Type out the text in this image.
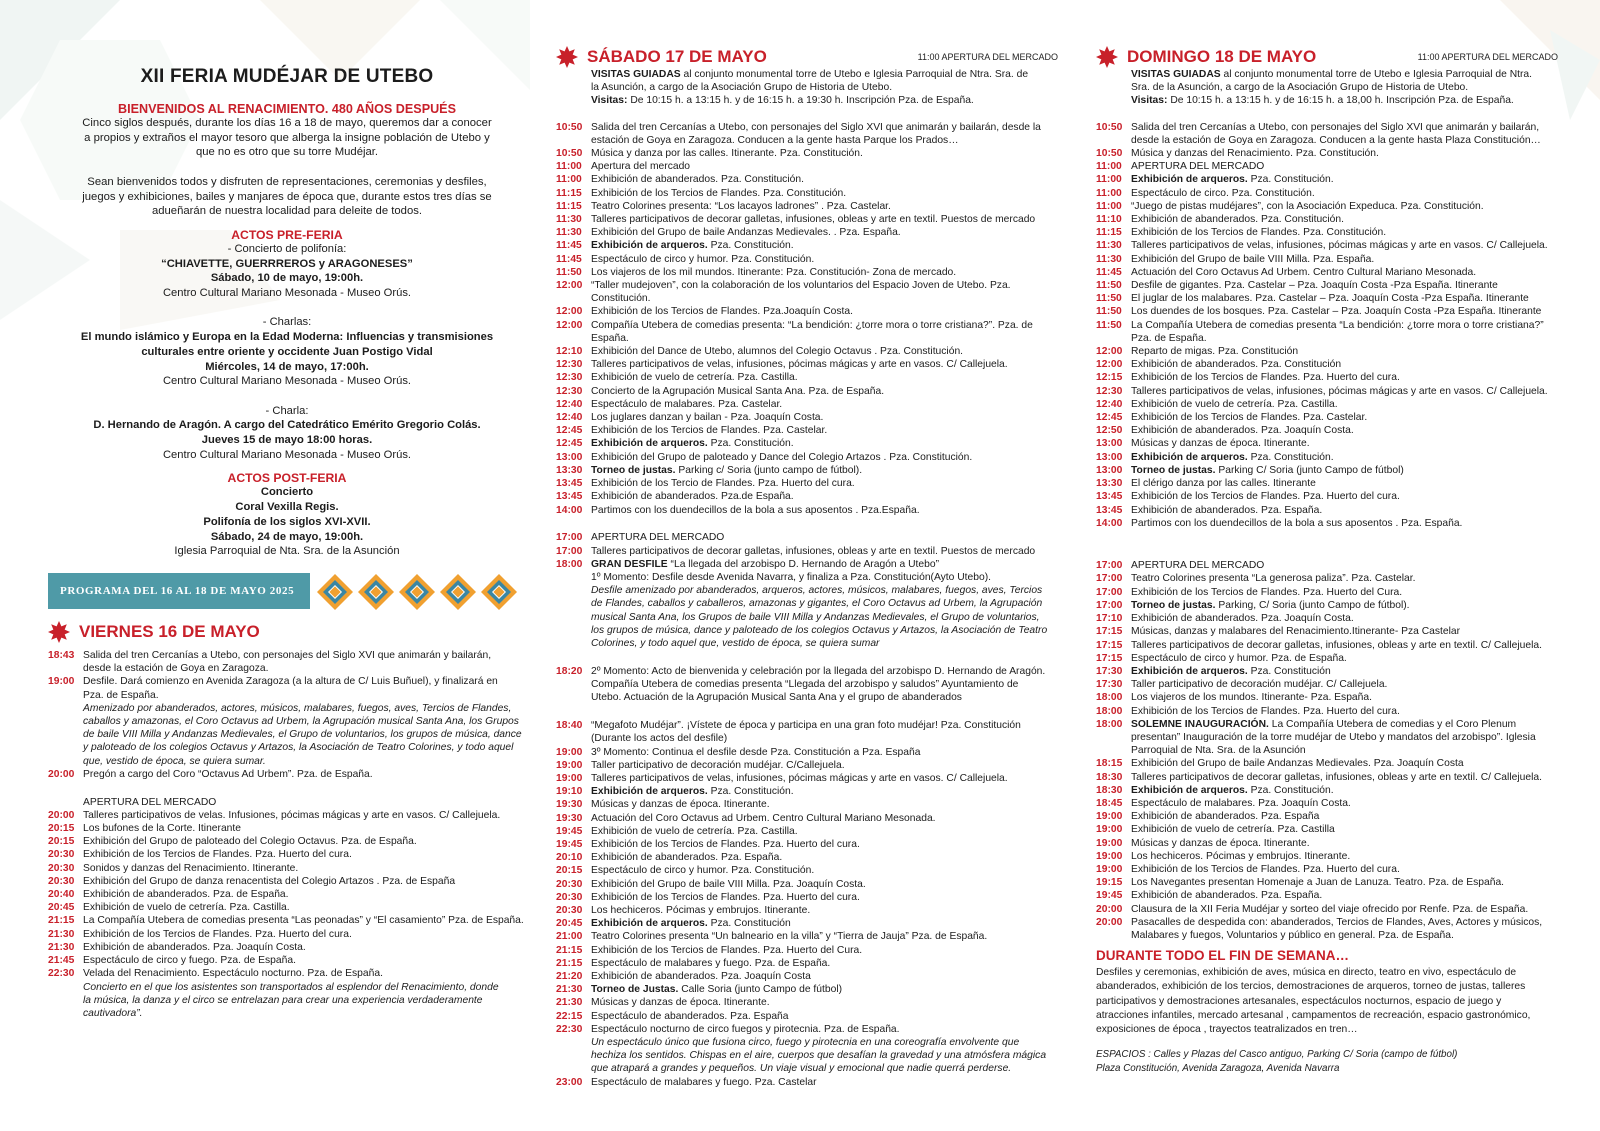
XII FERIA MUDÉJAR DE UTEBO
BIENVENIDOS AL RENACIMIENTO. 480 AÑOS DESPUÉS
Cinco siglos después, durante los días 16 a 18 de mayo, queremos dar a conocer
a propios y extraños el mayor tesoro que alberga la insigne población de Utebo y
que no es otro que su torre Mudéjar.
Sean bienvenidos todos y disfruten de representaciones, ceremonias y desfiles,
juegos y exhibiciones, bailes y manjares de época que, durante estos tres días se
adueñarán de nuestra localidad para deleite de todos.
ACTOS PRE-FERIA
- Concierto de polifonía:
“CHIAVETTE, GUERRREROS y ARAGONESES”
Sábado, 10 de mayo, 19:00h.
Centro Cultural Mariano Mesonada - Museo Orús.
- Charlas:
El mundo islámico y Europa en la Edad Moderna: Influencias y transmisiones
culturales entre oriente y occidente Juan Postigo Vidal
Miércoles, 14 de mayo, 17:00h.
Centro Cultural Mariano Mesonada - Museo Orús.
- Charla:
D. Hernando de Aragón. A cargo del Catedrático Emérito Gregorio Colás.
Jueves 15 de mayo 18:00 horas.
Centro Cultural Mariano Mesonada - Museo Orús.
ACTOS POST-FERIA
Concierto
Coral Vexilla Regis.
Polifonía de los siglos XVI-XVII.
Sábado, 24 de mayo, 19:00h.
Iglesia Parroquial de Nta. Sra. de la Asunción
PROGRAMA DEL 16 AL 18 DE MAYO 2025
VIERNES 16 DE MAYO
18:43 Salida del tren Cercanías a Utebo, con personajes del Siglo XVI que animarán y bailarán,
desde la estación de Goya en Zaragoza.
19:00 Desfile. Dará comienzo en Avenida Zaragoza (a la altura de C/ Luis Buñuel), y finalizará en
Pza. de España.
Amenizado por abanderados, actores, músicos, malabares, fuegos, aves, Tercios de Flandes,
caballos y amazonas, el Coro Octavus ad Urbem, la Agrupación musical Santa Ana, los Grupos
de baile VIII Milla y Andanzas Medievales, el Grupo de voluntarios, los grupos de música, dance
y paloteado de los colegios Octavus y Artazos, la Asociación de Teatro Colorines, y todo aquel
que, vestido de época, se quiera sumar.
20:00 Pregón a cargo del Coro “Octavus Ad Urbem”. Pza. de España.
APERTURA DEL MERCADO
20:00 Talleres participativos de velas. Infusiones, pócimas mágicas y arte en vasos. C/ Callejuela.
20:15 Los bufones de la Corte. Itinerante
20:15 Exhibición del Grupo de paloteado del Colegio Octavus. Pza. de España.
20:30 Exhibición de los Tercios de Flandes. Pza. Huerto del cura.
20:30 Sonidos y danzas del Renacimiento. Itinerante.
20:30 Exhibición del Grupo de danza renacentista del Colegio Artazos . Pza. de España
20:40 Exhibición de abanderados. Pza. de España.
20:45 Exhibición de vuelo de cetrería. Pza. Castilla.
21:15 La Compañía Utebera de comedias presenta “Las peonadas” y “El casamiento” Pza. de España.
21:30 Exhibición de los Tercios de Flandes. Pza. Huerto del cura.
21:30 Exhibición de abanderados. Pza. Joaquín Costa.
21:45 Espectáculo de circo y fuego. Pza. de España.
22:30 Velada del Renacimiento. Espectáculo nocturno. Pza. de España.
Concierto en el que los asistentes son transportados al esplendor del Renacimiento, donde
la música, la danza y el circo se entrelazan para crear una experiencia verdaderamente
cautivadora”.
SÁBADO 17 DE MAYO	11:00 APERTURA DEL MERCADO
VISITAS GUIADAS al conjunto monumental torre de Utebo e Iglesia Parroquial de Ntra. Sra. de
la Asunción, a cargo de la Asociación Grupo de Historia de Utebo.
Visitas: De 10:15 h. a 13:15 h. y de 16:15 h. a 19:30 h. Inscripción Pza. de España.
10:50 Salida del tren Cercanías a Utebo, con personajes del Siglo XVI que animarán y bailarán, desde la
estación de Goya en Zaragoza. Conducen a la gente hasta Parque los Prados…
10:50 Música y danza por las calles. Itinerante. Pza. Constitución.
11:00 Apertura del mercado
11:00 Exhibición de abanderados. Pza. Constitución.
11:15 Exhibición de los Tercios de Flandes. Pza. Constitución.
11:15 Teatro Colorines presenta: “Los lacayos ladrones” . Pza. Castelar.
11:30 Talleres participativos de decorar galletas, infusiones, obleas y arte en textil. Puestos de mercado
11:30 Exhibición del Grupo de baile Andanzas Medievales. . Pza. España.
11:45 Exhibición de arqueros. Pza. Constitución.
11:45 Espectáculo de circo y humor. Pza. Constitución.
11:50 Los viajeros de los mil mundos. Itinerante: Pza. Constitución- Zona de mercado.
12:00 “Taller mudejoven”, con la colaboración de los voluntarios del Espacio Joven de Utebo. Pza. Constitución.
12:00 Exhibición de los Tercios de Flandes. Pza.Joaquín Costa.
12:00 Compañía Utebera de comedias presenta: “La bendición: ¿torre mora o torre cristiana?”. Pza. de España.
12:10 Exhibición del Dance de Utebo, alumnos del Colegio Octavus . Pza. Constitución.
12:30 Talleres participativos de velas, infusiones, pócimas mágicas y arte en vasos. C/ Callejuela.
12:30 Exhibición de vuelo de cetrería. Pza. Castilla.
12:30 Concierto de la Agrupación Musical Santa Ana. Pza. de España.
12:40 Espectáculo de malabares. Pza. Castelar.
12:40 Los juglares danzan y bailan - Pza. Joaquín Costa.
12:45 Exhibición de los Tercios de Flandes. Pza. Castelar.
12:45 Exhibición de arqueros. Pza. Constitución.
13:00 Exhibición del Grupo de paloteado y Dance del Colegio Artazos . Pza. Constitución.
13:30 Torneo de justas. Parking c/ Soria (junto campo de fútbol).
13:45 Exhibición de los Tercio de Flandes. Pza. Huerto del cura.
13:45 Exhibición de abanderados. Pza.de España.
14:00 Partimos con los duendecillos de la bola a sus aposentos . Pza.España.
17:00 APERTURA DEL MERCADO
17:00 Talleres participativos de decorar galletas, infusiones, obleas y arte en textil. Puestos de mercado
18:00 GRAN DESFILE “La llegada del arzobispo D. Hernando de Aragón a Utebo”
1º Momento: Desfile desde Avenida Navarra, y finaliza a Pza. Constitución(Ayto Utebo).
Desfile amenizado por abanderados, arqueros, actores, músicos, malabares, fuegos, aves, Tercios
de Flandes, caballos y caballeros, amazonas y gigantes, el Coro Octavus ad Urbem, la Agrupación
musical Santa Ana, los Grupos de baile VIII Milla y Andanzas Medievales, el Grupo de voluntarios,
los grupos de música, dance y paloteado de los colegios Octavus y Artazos, la Asociación de Teatro
Colorines, y todo aquel que, vestido de época, se quiera sumar
18:20 2º Momento: Acto de bienvenida y celebración por la llegada del arzobispo D. Hernando de Aragón.
Compañía Utebera de comedias presenta “Llegada del arzobispo y saludos” Ayuntamiento de
Utebo. Actuación de la Agrupación Musical Santa Ana y el grupo de abanderados
18:40 “Megafoto Mudéjar”. ¡Vístete de época y participa en una gran foto mudéjar! Pza. Constitución
(Durante los actos del desfile)
19:00 3º Momento: Continua el desfile desde Pza. Constitución a Pza. España
19:00 Taller participativo de decoración mudéjar. C/Callejuela.
19:00 Talleres participativos de velas, infusiones, pócimas mágicas y arte en vasos. C/ Callejuela.
19:10 Exhibición de arqueros. Pza. Constitución.
19:30 Músicas y danzas de época. Itinerante.
19:30 Actuación del Coro Octavus ad Urbem. Centro Cultural Mariano Mesonada.
19:45 Exhibición de vuelo de cetrería. Pza. Castilla.
19:45 Exhibición de los Tercios de Flandes. Pza. Huerto del cura.
20:10 Exhibición de abanderados. Pza. España.
20:15 Espectáculo de circo y humor. Pza. Constitución.
20:30 Exhibición del Grupo de baile VIII Milla. Pza. Joaquín Costa.
20:30 Exhibición de los Tercios de Flandes. Pza. Huerto del cura.
20:30 Los hechiceros. Pócimas y embrujos. Itinerante.
20:45 Exhibición de arqueros. Pza. Constitución
21:00 Teatro Colorines presenta “Un balneario en la villa” y “Tierra de Jauja” Pza. de España.
21:15 Exhibición de los Tercios de Flandes. Pza. Huerto del Cura.
21:15 Espectáculo de malabares y fuego. Pza. de España.
21:20 Exhibición de abanderados. Pza. Joaquín Costa
21:30 Torneo de Justas. Calle Soria (junto Campo de fútbol)
21:30 Músicas y danzas de época. Itinerante.
22:15 Espectáculo de abanderados. Pza. España
22:30 Espectáculo nocturno de circo fuegos y pirotecnia. Pza. de España.
Un espectáculo único que fusiona circo, fuego y pirotecnia en una coreografía envolvente que
hechiza los sentidos. Chispas en el aire, cuerpos que desafían la gravedad y una atmósfera mágica
que atrapará a grandes y pequeños. Un viaje visual y emocional que nadie querrá perderse.
23:00 Espectáculo de malabares y fuego. Pza. Castelar
DOMINGO 18 DE MAYO	11:00 APERTURA DEL MERCADO
VISITAS GUIADAS al conjunto monumental torre de Utebo e Iglesia Parroquial de Ntra.
Sra. de la Asunción, a cargo de la Asociación Grupo de Historia de Utebo.
Visitas: De 10:15 h. a 13:15 h. y de 16:15 h. a 18,00 h. Inscripción Pza. de España.
10:50 Salida del tren Cercanías a Utebo, con personajes del Siglo XVI que animarán y bailarán,
desde la estación de Goya en Zaragoza. Conducen a la gente hasta Plaza Constitución…
10:50 Música y danzas del Renacimiento. Pza. Constitución.
11:00 APERTURA DEL MERCADO
11:00 Exhibición de arqueros. Pza. Constitución.
11:00 Espectáculo de circo. Pza. Constitución.
11:00 “Juego de pistas mudéjares”, con la Asociación Expeduca. Pza. Constitución.
11:10 Exhibición de abanderados. Pza. Constitución.
11:15 Exhibición de los Tercios de Flandes. Pza. Constitución.
11:30 Talleres participativos de velas, infusiones, pócimas mágicas y arte en vasos. C/ Callejuela.
11:30 Exhibición del Grupo de baile VIII Milla. Pza. España.
11:45 Actuación del Coro Octavus Ad Urbem. Centro Cultural Mariano Mesonada.
11:50 Desfile de gigantes. Pza. Castelar – Pza. Joaquín Costa -Pza España. Itinerante
11:50 El juglar de los malabares. Pza. Castelar – Pza. Joaquín Costa -Pza España. Itinerante
11:50 Los duendes de los bosques. Pza. Castelar – Pza. Joaquín Costa -Pza España. Itinerante
11:50 La Compañía Utebera de comedias presenta “La bendición: ¿torre mora o torre cristiana?”
Pza. de España.
12:00 Reparto de migas. Pza. Constitución
12:00 Exhibición de abanderados. Pza. Constitución
12:15 Exhibición de los Tercios de Flandes. Pza. Huerto del cura.
12:30 Talleres participativos de velas, infusiones, pócimas mágicas y arte en vasos. C/ Callejuela.
12:40 Exhibición de vuelo de cetrería. Pza. Castilla.
12:45 Exhibición de los Tercios de Flandes. Pza. Castelar.
12:50 Exhibición de abanderados. Pza. Joaquín Costa.
13:00 Músicas y danzas de época. Itinerante.
13:00 Exhibición de arqueros. Pza. Constitución.
13:00 Torneo de justas. Parking C/ Soria (junto Campo de fútbol)
13:30 El clérigo danza por las calles. Itinerante
13:45 Exhibición de los Tercios de Flandes. Pza. Huerto del cura.
13:45 Exhibición de abanderados. Pza. España.
14:00 Partimos con los duendecillos de la bola a sus aposentos . Pza. España.
17:00 APERTURA DEL MERCADO
17:00 Teatro Colorines presenta “La generosa paliza”. Pza. Castelar.
17:00 Exhibición de los Tercios de Flandes. Pza. Huerto del Cura.
17:00 Torneo de justas. Parking, C/ Soria (junto Campo de fútbol).
17:10 Exhibición de abanderados. Pza. Joaquín Costa.
17:15 Músicas, danzas y malabares del Renacimiento.Itinerante- Pza Castelar
17:15 Talleres participativos de decorar galletas, infusiones, obleas y arte en textil. C/ Callejuela.
17:15 Espectáculo de circo y humor. Pza. de España.
17:30 Exhibición de arqueros. Pza. Constitución
17:30 Taller participativo de decoración mudéjar. C/ Callejuela.
18:00 Los viajeros de los mundos. Itinerante- Pza. España.
18:00 Exhibición de los Tercios de Flandes. Pza. Huerto del cura.
18:00 SOLEMNE INAUGURACIÓN. La Compañía Utebera de comedias y el Coro Plenum
presentan” Inauguración de la torre mudéjar de Utebo y mandatos del arzobispo”. Iglesia
Parroquial de Nta. Sra. de la Asunción
18:15 Exhibición del Grupo de baile Andanzas Medievales. Pza. Joaquín Costa
18:30 Talleres participativos de decorar galletas, infusiones, obleas y arte en textil. C/ Callejuela.
18:30 Exhibición de arqueros. Pza. Constitución.
18:45 Espectáculo de malabares. Pza. Joaquín Costa.
19:00 Exhibición de abanderados. Pza. España
19:00 Exhibición de vuelo de cetrería. Pza. Castilla
19:00 Músicas y danzas de época. Itinerante.
19:00 Los hechiceros. Pócimas y embrujos. Itinerante.
19:00 Exhibición de los Tercios de Flandes. Pza. Huerto del cura.
19:15 Los Navegantes presentan Homenaje a Juan de Lanuza. Teatro. Pza. de España.
19:45 Exhibición de abanderados. Pza. España.
20:00 Clausura de la XII Feria Mudéjar y sorteo del viaje ofrecido por Renfe. Pza. de España.
20:00 Pasacalles de despedida con: abanderados, Tercios de Flandes, Aves, Actores y músicos,
Malabares y fuegos, Voluntarios y público en general. Pza. de España.
DURANTE TODO EL FIN DE SEMANA…
Desfiles y ceremonias, exhibición de aves, música en directo, teatro en vivo, espectáculo de
abanderados, exhibición de los tercios, demostraciones de arqueros, torneo de justas, talleres
participativos y demostraciones artesanales, espectáculos nocturnos, espacio de juego y
atracciones infantiles, mercado artesanal , campamentos de recreación, espacio gastronómico,
exposiciones de época , trayectos teatralizados en tren…
ESPACIOS : Calles y Plazas del Casco antiguo, Parking C/ Soria (campo de fútbol)
Plaza Constitución, Avenida Zaragoza, Avenida Navarra
